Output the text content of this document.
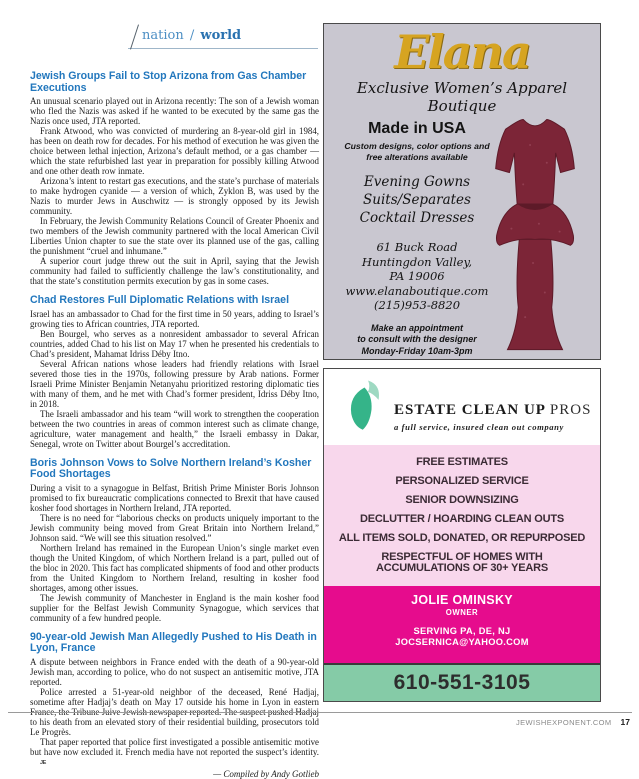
nation / world
Jewish Groups Fail to Stop Arizona from Gas Chamber Executions

An unusual scenario played out in Arizona recently: The son of a Jewish woman who fled the Nazis was asked if he wanted to be executed by the same gas the Nazis once used, JTA reported.

Frank Atwood, who was convicted of murdering an 8-year-old girl in 1984, has been on death row for decades. For his method of execution he was given the choice between lethal injection, Arizona’s default method, or a gas chamber — which the state refurbished last year in preparation for possibly killing Atwood and one other death row inmate.

Arizona’s intent to restart gas executions, and the state’s purchase of materials to make hydrogen cyanide — a version of which, Zyklon B, was used by the Nazis to murder Jews in Auschwitz — is strongly opposed by its Jewish community.

In February, the Jewish Community Relations Council of Greater Phoenix and two members of the Jewish community partnered with the local American Civil Liberties Union chapter to sue the state over its planned use of the gas, calling the punishment “cruel and inhumane.”

A superior court judge threw out the suit in April, saying that the Jewish community had failed to sufficiently challenge the law’s constitutionality, and that the state’s constitution permits execution by gas in some cases.

Chad Restores Full Diplomatic Relations with Israel

Israel has an ambassador to Chad for the first time in 50 years, adding to Israel’s growing ties to African countries, JTA reported.

Ben Bourgel, who serves as a nonresident ambassador to several African countries, added Chad to his list on May 17 when he presented his credentials to Chad’s president, Mahamat Idriss Déby Itno.

Several African nations whose leaders had friendly relations with Israel severed those ties in the 1970s, following pressure by Arab nations. Former Israeli Prime Minister Benjamin Netanyahu prioritized restoring diplomatic ties with many of them, and he met with Chad’s former president, Idriss Déby Itno, in 2018.

The Israeli ambassador and his team “will work to strengthen the cooperation between the two countries in areas of common interest such as climate change, agriculture, water management and health,” the Israeli embassy in Dakar, Senegal, wrote on Twitter about Bourgel’s accreditation.

Boris Johnson Vows to Solve Northern Ireland’s Kosher Food Shortages

During a visit to a synagogue in Belfast, British Prime Minister Boris Johnson promised to fix bureaucratic complications connected to Brexit that have caused kosher food shortages in Northern Ireland, JTA reported.

There is no need for “laborious checks on products uniquely important to the Jewish community being moved from Great Britain into Northern Ireland,” Johnson said. “We will see this situation resolved.”

Northern Ireland has remained in the European Union’s single market even though the United Kingdom, of which Northern Ireland is a part, pulled out of the bloc in 2020. This fact has complicated shipments of food and other products from the United Kingdom to Northern Ireland, resulting in kosher food shortages, among other issues.

The Jewish community of Manchester in England is the main kosher food supplier for the Belfast Jewish Community Synagogue, which services that community of a few hundred people.

90-year-old Jewish Man Allegedly Pushed to His Death in Lyon, France

A dispute between neighbors in France ended with the death of a 90-year-old Jewish man, according to police, who do not suspect an antisemitic motive, JTA reported.

Police arrested a 51-year-old neighbor of the deceased, René Hadjaj, sometime after Hadjaj’s death on May 17 outside his home in Lyon in eastern France, the Tribune Juive Jewish newspaper reported. The suspect pushed Hadjaj to his death from an elevated story of their residential building, prosecutors told Le Progrès.

That paper reported that police first investigated a possible antisemitic motive but have now excluded it. French media have not reported the suspect’s identity. JE

— Compiled by Andy Gotlieb
Elana
Exclusive Women’s Apparel Boutique
Made in USA
Custom designs, color options and
free alterations available
Evening Gowns
Suits/Separates
Cocktail Dresses
61 Buck Road
Huntingdon Valley,
PA 19006
www.elanaboutique.com
(215)953-8820
Make an appointment
to consult with the designer
Monday-Friday 10am-3pm
ESTATE CLEAN UP PROS
a full service, insured clean out company
FREE ESTIMATES
PERSONALIZED SERVICE
SENIOR DOWNSIZING
DECLUTTER / HOARDING CLEAN OUTS
ALL ITEMS SOLD, DONATED, OR REPURPOSED
RESPECTFUL OF HOMES WITH ACCUMULATIONS OF 30+ YEARS
JOLIE OMINSKY
OWNER
SERVING PA, DE, NJ
JOCSERNICA@YAHOO.COM
610-551-3105
JEWISHEXPONENT.COM 17
